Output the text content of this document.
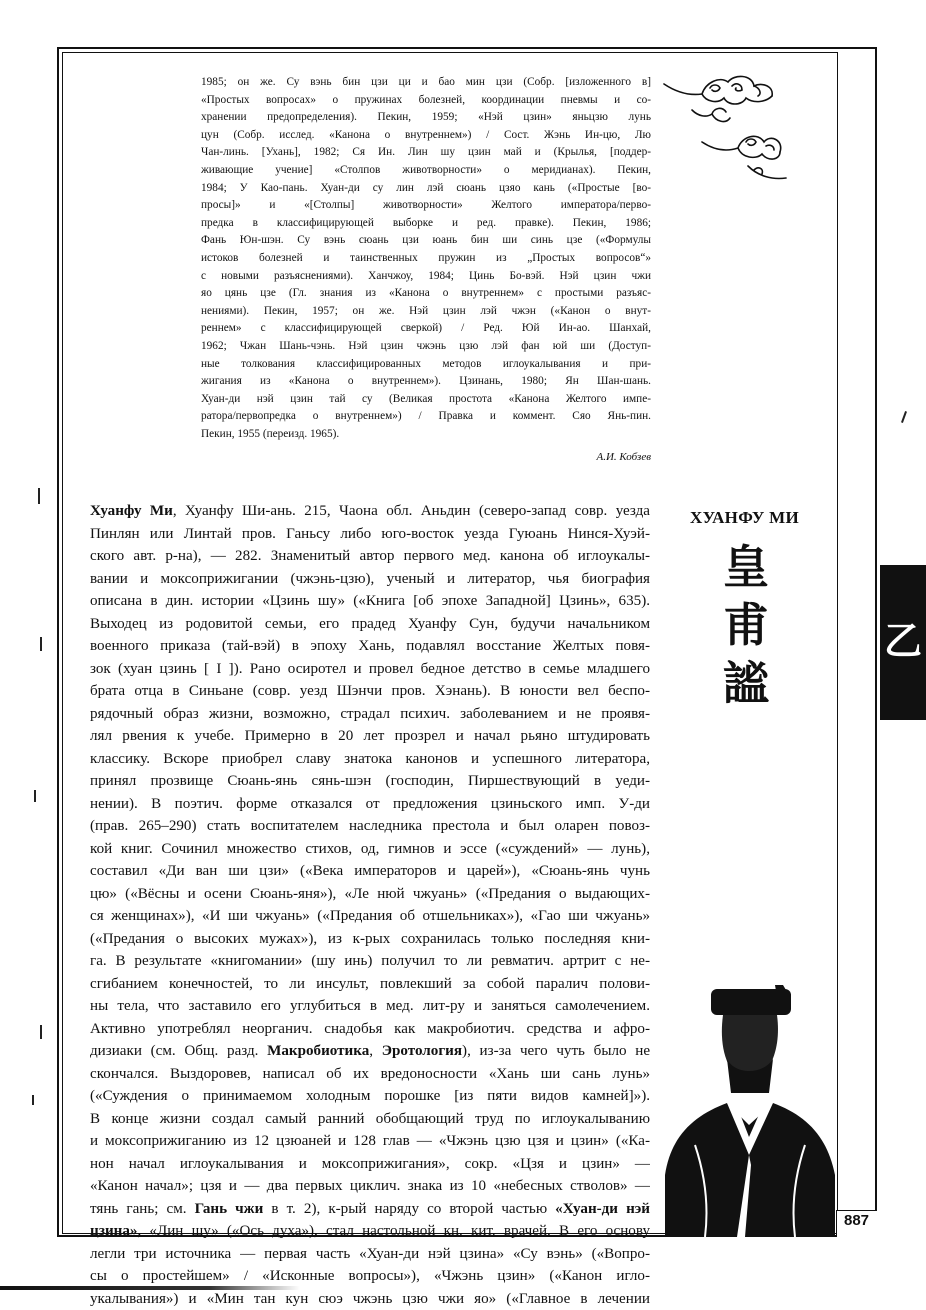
1985; он же. Су вэнь бин цзи ци и бао мин цзи (Собр. [изложенного в]
«Простых вопросах» о пружинах болезней, координации пневмы и со-
хранении предопределения). Пекин, 1959; «Нэй цзин» яньцзю лунь
цун (Собр. исслед. «Канона о внутреннем») / Сост. Жэнь Ин-цю, Лю
Чан-линь. [Ухань], 1982; Ся Ин. Лин шу цзин май и (Крылья, [поддер-
живающие учение] «Столпов животворности» о меридианах). Пекин,
1984; У Као-пань. Хуан-ди су лин лэй сюань цзяо кань («Простые [во-
просы]» и «[Столпы] животворности» Желтого императора/перво-
предка в классифицирующей выборке и ред. правке). Пекин, 1986;
Фань Юн-шэн. Су вэнь сюань цзи юань бин ши синь цзе («Формулы
истоков болезней и таинственных пружин из „Простых вопросов“»
с новыми разъяснениями). Ханчжоу, 1984; Цинь Бо-вэй. Нэй цзин чжи
яо цянь цзе (Гл. знания из «Канона о внутреннем» с простыми разъяс-
нениями). Пекин, 1957; он же. Нэй цзин лэй чжэн («Канон о внут-
реннем» с классифицирующей сверкой) / Ред. Юй Ин-ао. Шанхай,
1962; Чжан Шань-чэнь. Нэй цзин чжэнь цзю лэй фан юй ши (Доступ-
ные толкования классифицированных методов иглоукалывания и при-
жигания из «Канона о внутреннем»). Цзинань, 1980; Ян Шан-шань.
Хуан-ди нэй цзин тай су (Великая простота «Канона Желтого импе-
ратора/первопредка о внутреннем») / Правка и коммент. Сяо Янь-пин.
Пекин, 1955 (переизд. 1965).
А.И. Кобзев
ХУАНФУ МИ
皇
甫
謐
乙
Хуанфу Ми, Хуанфу Ши-ань. 215, Чаона обл. Аньдин (северо-запад совр. уезда
Пинлян или Линтай пров. Ганьсу либо юго-восток уезда Гуюань Нинся-Хуэй-
ского авт. р-на), — 282. Знаменитый автор первого мед. канона об иглоукалы-
вании и моксоприжигании (чжэнь-цзю), ученый и литератор, чья биография
описана в дин. истории «Цзинь шу» («Книга [об эпохе Западной] Цзинь», 635).
Выходец из родовитой семьи, его прадед Хуанфу Сун, будучи начальником
военного приказа (тай-вэй) в эпоху Хань, подавлял восстание Желтых повя-
зок (хуан цзинь [ I ]). Рано осиротел и провел бедное детство в семье младшего
брата отца в Синьане (совр. уезд Шэнчи пров. Хэнань). В юности вел беспо-
рядочный образ жизни, возможно, страдал психич. заболеванием и не проявя-
лял рвения к учебе. Примерно в 20 лет прозрел и начал рьяно штудировать
классику. Вскоре приобрел славу знатока канонов и успешного литератора,
принял прозвище Сюань-янь сянь-шэн (господин, Пиршествующий в уеди-
нении). В поэтич. форме отказался от предложения цзиньского имп. У-ди
(прав. 265–290) стать воспитателем наследника престола и был оларен повоз-
кой книг. Сочинил множество стихов, од, гимнов и эссе («суждений» — лунь),
составил «Ди ван ши цзи» («Века императоров и царей»), «Сюань-янь чунь
цю» («Вёсны и осени Сюань-яня»), «Ле нюй чжуань» («Предания о выдающих-
ся женщинах»), «И ши чжуань» («Предания об отшельниках»), «Гао ши чжуань»
(«Предания о высоких мужах»), из к-рых сохранилась только последняя кни-
га. В результате «книгомании» (шу инь) получил то ли ревматич. артрит с не-
сгибанием конечностей, то ли инсульт, повлекший за собой паралич полови-
ны тела, что заставило его углубиться в мед. лит-ру и заняться самолечением.
Активно употреблял неорганич. снадобья как макробиотич. средства и афро-
дизиаки (см. Общ. разд. Макробиотика, Эротология), из-за чего чуть было не
скончался. Выздоровев, написал об их вредоносности «Хань ши сань лунь»
(«Суждения о принимаемом холодным порошке [из пяти видов камней]»).
В конце жизни создал самый ранний обобщающий труд по иглоукалыванию
и моксоприжиганию из 12 цзюаней и 128 глав — «Чжэнь цзю цзя и цзин» («Ка-
нон начал иглоукалывания и моксоприжигания», сокр. «Цзя и цзин» —
«Канон начал»; цзя и — два первых циклич. знака из 10 «небесных стволов» —
тянь гань; см. Гань чжи в т. 2), к-рый наряду со второй частью «Хуан-ди нэй
цзина», «Лин шу» («Ось духа»), стал настольной кн. кит. врачей. В его основу
легли три источника — первая часть «Хуан-ди нэй цзина» «Су вэнь» («Вопро-
сы о простейшем» / «Исконные вопросы»), «Чжэнь цзин» («Канон игло-
укалывания») и «Мин тан кун сюэ чжэнь цзю чжи яо» («Главное в лечении
887
